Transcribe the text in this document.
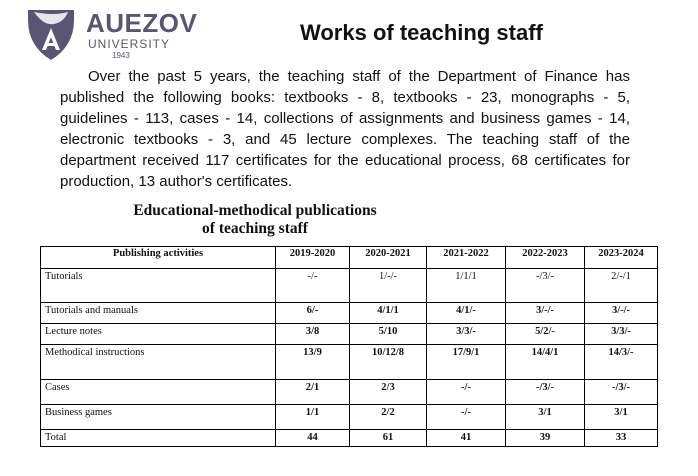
AUEZOV
UNIVERSITY
1943
Works of teaching staff

Over the past 5 years, the teaching staff of the Department of Finance has published the following books: textbooks - 8, textbooks - 23, monographs - 5, guidelines - 113, cases - 14, collections of assignments and business games - 14, electronic textbooks - 3, and 45 lecture complexes. The teaching staff of the department received 117 certificates for the educational process, 68 certificates for production, 13 author's certificates.

Educational-methodical publications
of teaching staff
Publishing activities	2019-2020	2020-2021	2021-2022	2022-2023	2023-2024
Tutorials	-/-	1/-/-	1/1/1	-/3/-	2/-/1
Tutorials and manuals	6/-	4/1/1	4/1/-	3/-/-	3/-/-
Lecture notes	3/8	5/10	3/3/-	5/2/-	3/3/-
Methodical instructions	13/9	10/12/8	17/9/1	14/4/1	14/3/-
Cases	2/1	2/3	-/-	-/3/-	-/3/-
Business games	1/1	2/2	-/-	3/1	3/1
Total	44	61	41	39	33
